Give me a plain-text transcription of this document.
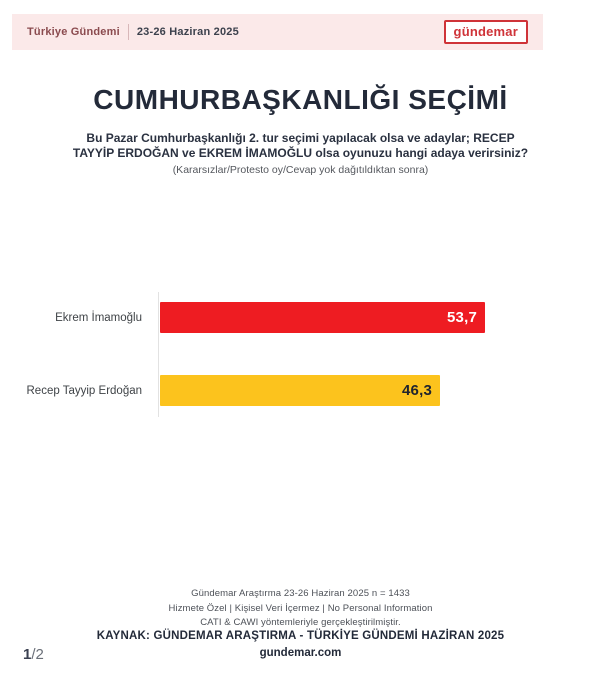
Türkiye Gündemi 23-26 Haziran 2025	gündemar
CUMHURBAŞKANLIĞI SEÇİMİ
Bu Pazar Cumhurbaşkanlığı 2. tur seçimi yapılacak olsa ve adaylar; RECEP
TAYYİP ERDOĞAN ve EKREM İMAMOĞLU olsa oyunuzu hangi adaya verirsiniz?
(Kararsızlar/Protesto oy/Cevap yok dağıtıldıktan sonra)
Ekrem İmamoğlu	53,7
Recep Tayyip Erdoğan	46,3
Gündemar Araştırma 23-26 Haziran 2025 n = 1433
Hizmete Özel | Kişisel Veri İçermez | No Personal Information
CATI & CAWI yöntemleriyle gerçekleştirilmiştir.
KAYNAK: GÜNDEMAR ARAŞTIRMA - TÜRKİYE GÜNDEMİ HAZİRAN 2025
gundemar.com
1/2
